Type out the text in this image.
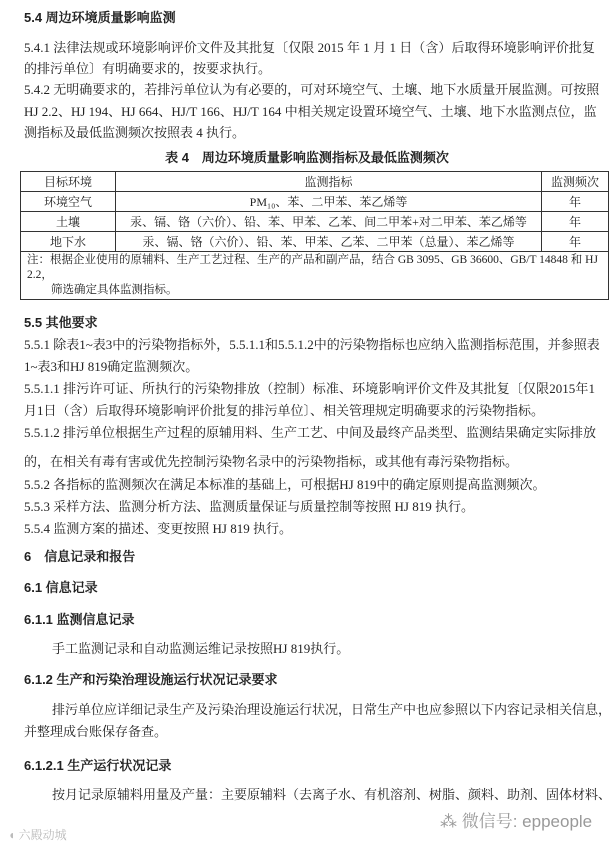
5.4 周边环境质量影响监测
5.4.1 法律法规或环境影响评价文件及其批复〔仅限 2015 年 1 月 1 日（含）后取得环境影响评价批复
的排污单位〕有明确要求的，按要求执行。
5.4.2 无明确要求的，若排污单位认为有必要的，可对环境空气、土壤、地下水质量开展监测。可按照
HJ 2.2、HJ 194、HJ 664、HJ/T 166、HJ/T 164 中相关规定设置环境空气、土壤、地下水监测点位，监
测指标及最低监测频次按照表 4 执行。
表 4　周边环境质量影响监测指标及最低监测频次
目标环境	监测指标	监测频次
环境空气	PM₁₀、苯、二甲苯、苯乙烯等	年
土壤	汞、镉、铬（六价）、铅、苯、甲苯、乙苯、间二甲苯+对二甲苯、苯乙烯等	年
地下水	汞、镉、铬（六价）、铅、苯、甲苯、乙苯、二甲苯（总量）、苯乙烯等	年

注：根据企业使用的原辅料、生产工艺过程、生产的产品和副产品，结合 GB 3095、GB 36600、GB/T 14848 和 HJ 2.2，
筛选确定具体监测指标。		
5.5 其他要求
5.5.1 除表1~表3中的污染物指标外，5.5.1.1和5.5.1.2中的污染物指标也应纳入监测指标范围，并参照表
1~表3和HJ 819确定监测频次。
5.5.1.1 排污许可证、所执行的污染物排放（控制）标准、环境影响评价文件及其批复〔仅限2015年1
月1日（含）后取得环境影响评价批复的排污单位〕、相关管理规定明确要求的污染物指标。
5.5.1.2 排污单位根据生产过程的原辅用料、生产工艺、中间及最终产品类型、监测结果确定实际排放
的，在相关有毒有害或优先控制污染物名录中的污染物指标，或其他有毒污染物指标。
5.5.2 各指标的监测频次在满足本标准的基础上，可根据HJ 819中的确定原则提高监测频次。
5.5.3 采样方法、监测分析方法、监测质量保证与质量控制等按照 HJ 819 执行。
5.5.4 监测方案的描述、变更按照 HJ 819 执行。
6　信息记录和报告
6.1 信息记录
6.1.1 监测信息记录
手工监测记录和自动监测运维记录按照HJ 819执行。
6.1.2 生产和污染治理设施运行状况记录要求
排污单位应详细记录生产及污染治理设施运行状况，日常生产中也应参照以下内容记录相关信息，
并整理成台账保存备查。
6.1.2.1 生产运行状况记录
按月记录原辅料用量及产量：主要原辅料（去离子水、有机溶剂、树脂、颜料、助剂、固体材料、
⁂ 微信号: eppeople
◖ 六殿动城
